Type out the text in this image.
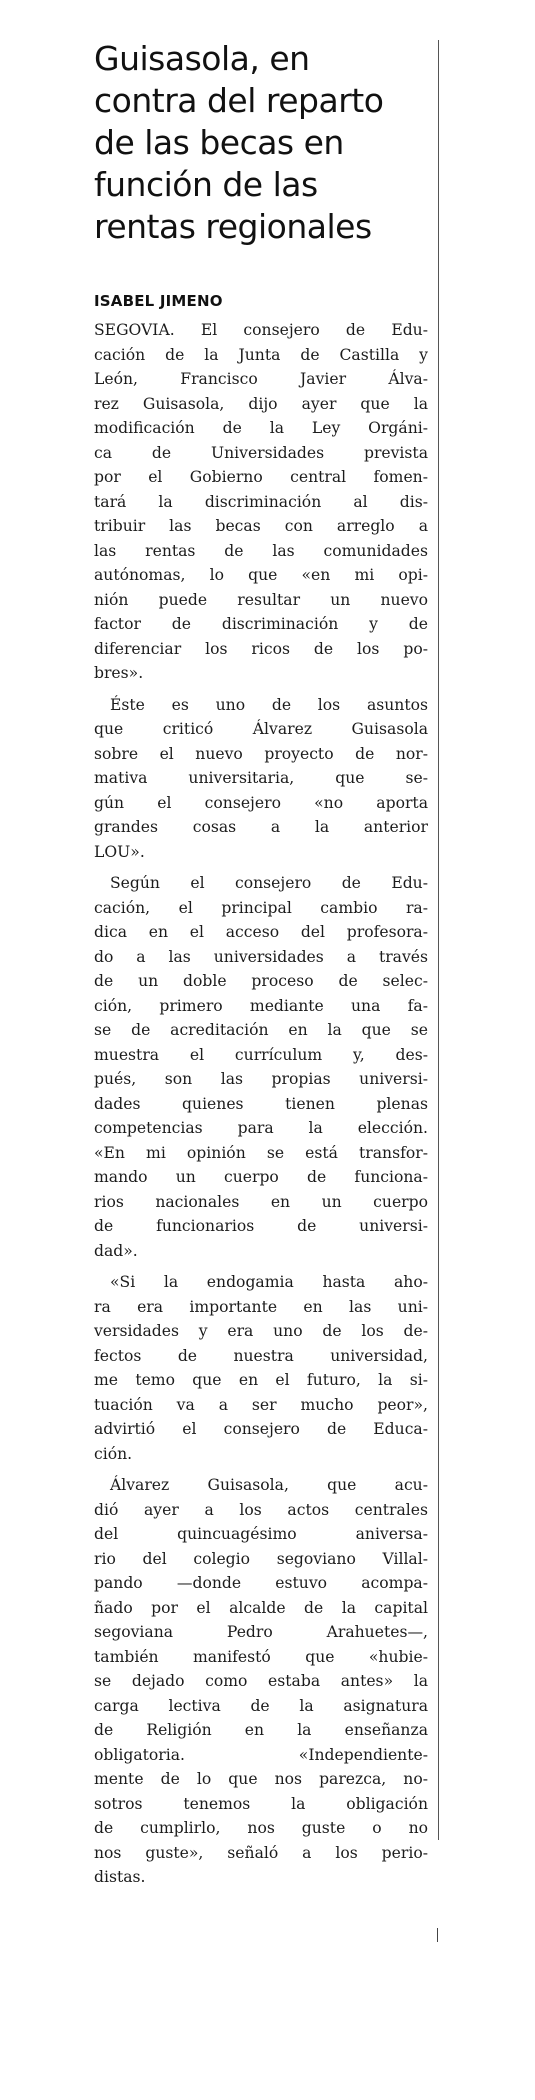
Guisasola, en
contra del reparto
de las becas en
función de las
rentas regionales
ISABEL JIMENO
SEGOVIA. El consejero de Edu-
cación de la Junta de Castilla y
León, Francisco Javier Álva-
rez Guisasola, dijo ayer que la
modificación de la Ley Orgáni-
ca de Universidades prevista
por el Gobierno central fomen-
tará la discriminación al dis-
tribuir las becas con arreglo a
las rentas de las comunidades
autónomas, lo que «en mi opi-
nión puede resultar un nuevo
factor de discriminación y de
diferenciar los ricos de los po-
bres».
Éste es uno de los asuntos
que criticó Álvarez Guisasola
sobre el nuevo proyecto de nor-
mativa universitaria, que se-
gún el consejero «no aporta
grandes cosas a la anterior
LOU».
Según el consejero de Edu-
cación, el principal cambio ra-
dica en el acceso del profesora-
do a las universidades a través
de un doble proceso de selec-
ción, primero mediante una fa-
se de acreditación en la que se
muestra el currículum y, des-
pués, son las propias universi-
dades quienes tienen plenas
competencias para la elección.
«En mi opinión se está transfor-
mando un cuerpo de funciona-
rios nacionales en un cuerpo
de funcionarios de universi-
dad».
«Si la endogamia hasta aho-
ra era importante en las uni-
versidades y era uno de los de-
fectos de nuestra universidad,
me temo que en el futuro, la si-
tuación va a ser mucho peor»,
advirtió el consejero de Educa-
ción.
Álvarez Guisasola, que acu-
dió ayer a los actos centrales
del quincuagésimo aniversa-
rio del colegio segoviano Villal-
pando —donde estuvo acompa-
ñado por el alcalde de la capital
segoviana Pedro Arahuetes—,
también manifestó que «hubie-
se dejado como estaba antes» la
carga lectiva de la asignatura
de Religión en la enseñanza
obligatoria. «Independiente-
mente de lo que nos parezca, no-
sotros tenemos la obligación
de cumplirlo, nos guste o no
nos guste», señaló a los perio-
distas.
